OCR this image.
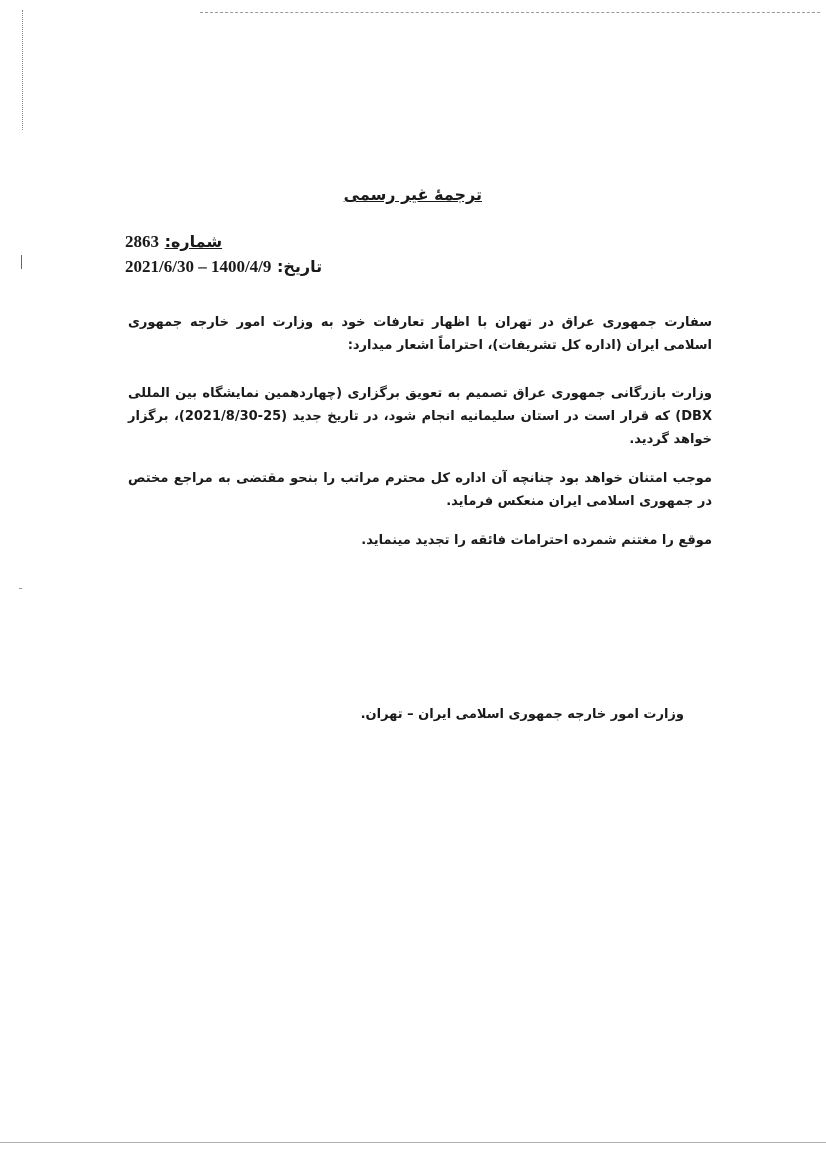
ترجمهٔ غیر رسمی
2863 شماره:
2021/6/30 – 1400/4/9 تاریخ:

سفارت جمهوری عراق در تهران با اظهار تعارفات خود به وزارت امور خارجه جمهوری اسلامی ایران (اداره کل تشریفات)، احتراماً اشعار میدارد:

وزارت بازرگانی جمهوری عراق تصمیم به تعویق برگزاری (چهاردهمین نمایشگاه بین المللی DBX) که قرار است در استان سلیمانیه انجام شود، در تاریخ جدید (25-2021/8/30)، برگزار خواهد گردید.

موجب امتنان خواهد بود چنانچه آن اداره کل محترم مراتب را بنحو مقتضی به مراجع مختص در جمهوری اسلامی ایران منعکس فرماید.

موقع را مغتنم شمرده احترامات فائقه را تجدید مینماید.

وزارت امور خارجه جمهوری اسلامی ایران – تهران.
